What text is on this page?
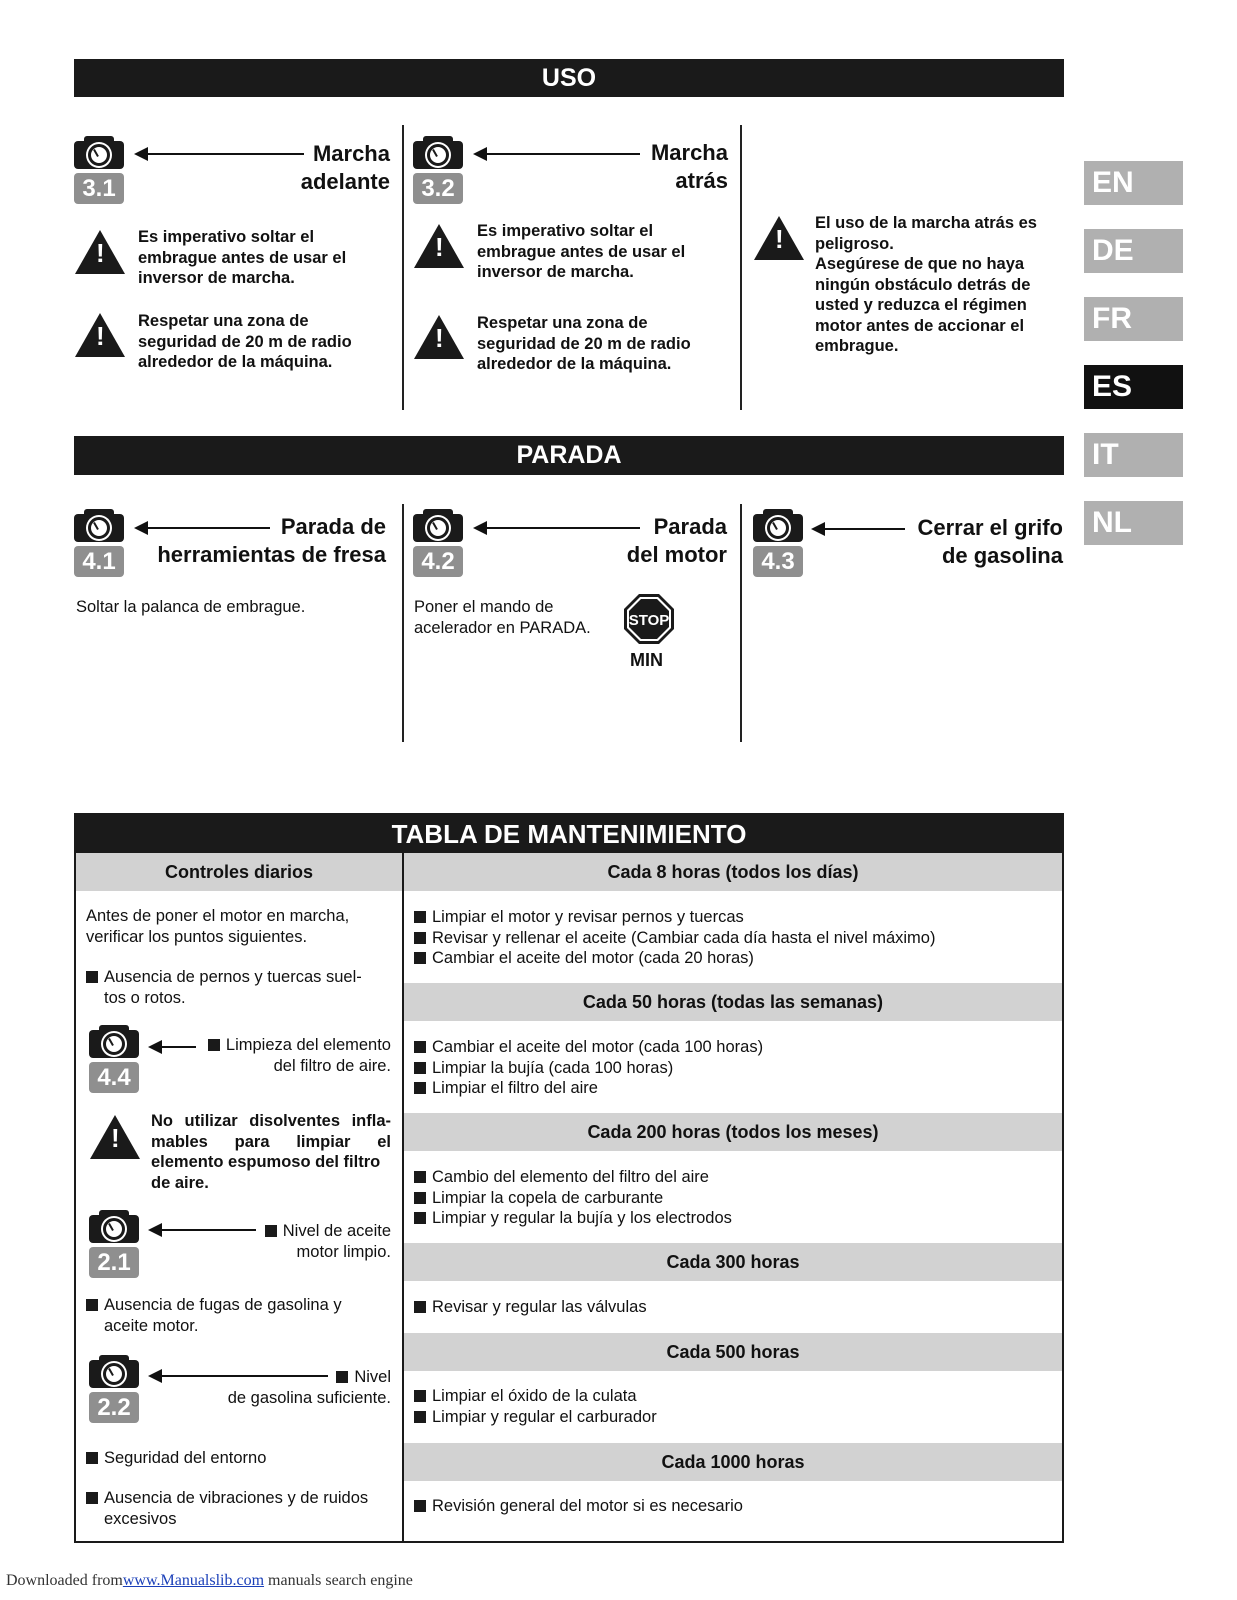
USO
3.1
Marcha
adelante
!
Es imperativo soltar el
embrague antes de usar el
inversor de marcha.
! Respetar una zona de
seguridad de 20 m de radio
alrededor de la máquina.
3.2
Marcha
atrás
!
Es imperativo soltar el
embrague antes de usar el
inversor de marcha.
! Respetar una zona de
seguridad de 20 m de radio
alrededor de la máquina.
!
El uso de la marcha atrás es
peligroso.
Asegúrese de que no haya
ningún obstáculo detrás de
usted y reduzca el régimen
motor antes de accionar el
embrague.
EN
DE
FR
ES
IT
NL
PARADA
4.1
Parada de
herramientas de fresa
Soltar la palanca de embrague.
4.2
Parada
del motor
Poner el mando de
acelerador en PARADA.	STOP
MIN
4.3
Cerrar el grifo
de gasolina
TABLA DE MANTENIMIENTO
Controles diarios	Cada 8 horas (todos los días)
Limpiar el motor y revisar pernos y tuercas
Revisar y rellenar el aceite (Cambiar cada día hasta el nivel máximo)
Cambiar el aceite del motor (cada 20 horas)
Cada 50 horas (todas las semanas)
Cambiar el aceite del motor (cada 100 horas)
Limpiar la bujía (cada 100 horas)
Limpiar el filtro del aire
Cada 200 horas (todos los meses)
Cambio del elemento del filtro del aire
Limpiar la copela de carburante
Limpiar y regular la bujía y los electrodos
Cada 300 horas
Revisar y regular las válvulas
Cada 500 horas
Limpiar el óxido de la culata
Limpiar y regular el carburador
Cada 1000 horas
Revisión general del motor si es necesario
Antes de poner el motor en marcha,
verificar los puntos siguientes.
Ausencia de pernos y tuercas suel-
tos o rotos.
4.4
Limpieza del elemento
del filtro de aire.
!
No utilizar disolventes infla-
mables para limpiar el
elemento espumoso del filtro
de aire.
2.1
Nivel de aceite
motor limpio.
Ausencia de fugas de gasolina y
aceite motor.
2.2
Nivel
de gasolina suficiente.
Seguridad del entorno
Ausencia de vibraciones y de ruidos
excesivos
Downloaded fromwww.Manualslib.com manuals search engine
